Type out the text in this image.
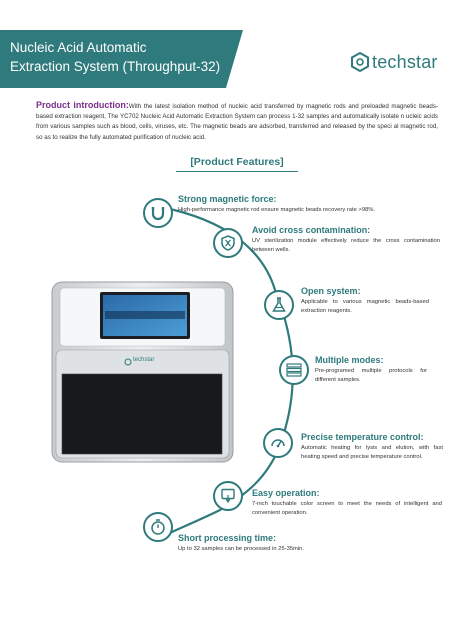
Nucleic Acid Automatic
Extraction System (Throughput-32)	techstar
Product introduction:With the latest isolation method of nucleic acid transferred by magnetic rods and preloaded magnetic beads-based extraction reagent, The YC702 Nucleic Acid Automatic Extraction System can process 1-32 samples and automatically isolate n ucleic acids from various samples such as blood, cells, viruses, etc. The magnetic beads are adsorbed, transferred and released by the speci al magnetic rod, so as to realize the fully automated purification of nucleic acid.
[Product Features]
techstar
Strong magnetic force:
High-performance magnetic rod ensure magnetic beads recovery rate >98%.
Avoid cross contamination:
UV sterilization module effectively reduce the cross contamination between wells.
Open system:
Applicable to various magnetic beads-based extraction reagents.
Multiple modes:
Pre-programed multiple protocols for different samples.
Precise temperature control:
Automatic heating for lysis and elution, with fast heating speed and precise temperature control.
Easy operation:
7-inch touchable color screen to meet the needs of intelligent and convenient operation.
Short processing time:
Up to 32 samples can be processed in 25-35min.
